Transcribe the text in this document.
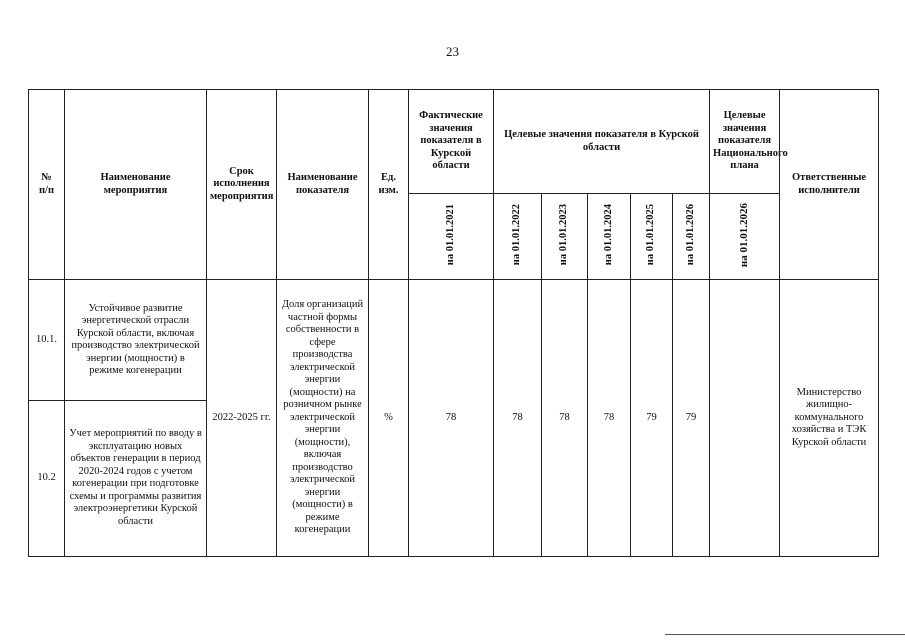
23
№
п/п	Наименование мероприятия	Срок исполнения мероприятия	Наименование показателя	Ед. изм.	Фактические значения показателя в Курской области	Целевые значения показателя в Курской области					Целевые значения показателя Национального плана	Ответственные исполнители
					на 01.01.2021	на 01.01.2022	на 01.01.2023	на 01.01.2024	на 01.01.2025	на 01.01.2026	на 01.01.2026	
10.1.	Устойчивое развитие энергетической отрасли Курской области, включая производство электрической энергии (мощности) в режиме когенерации	2022-2025 гг.	Доля организаций частной формы собственности в сфере производства электрической энергии (мощности) на розничном рынке электрической энергии (мощности), включая производство электрической энергии (мощности) в режиме когенерации	%	78	78	78	78	79	79		Министерство жилищно-коммунального хозяйства и ТЭК Курской области
10.2	Учет мероприятий по вводу в эксплуатацию новых объектов генерации в период 2020-2024 годов с учетом когенерации при подготовке схемы и программы развития электроэнергетики Курской области											
